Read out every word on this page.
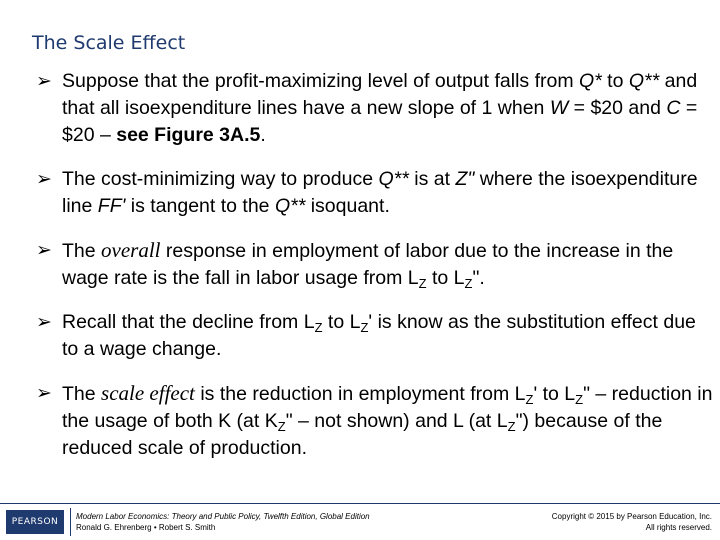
The Scale Effect
➢ Suppose that the profit-maximizing level of output falls from Q* to Q** and that all isoexpenditure lines have a new slope of 1 when W = $20 and C = $20 – see Figure 3A.5.
➢ The cost-minimizing way to produce Q** is at Z" where the isoexpenditure line FF' is tangent to the Q** isoquant.
➢ The overall response in employment of labor due to the increase in the wage rate is the fall in labor usage from $L_Z$ to $L_Z$".
➢ Recall that the decline from $L_Z$ to $L_Z'$ is know as the substitution effect due to a wage change.
➢ The scale effect is the reduction in employment from $L_Z'$ to $L_Z$" – reduction in the usage of both K (at $K_Z$" – not shown) and L (at $L_Z$") because of the reduced scale of production.
PEARSON
Modern Labor Economics: Theory and Public Policy, Twelfth Edition, Global Edition
Ronald G. Ehrenberg • Robert S. Smith
Copyright © 2015 by Pearson Education, Inc.
All rights reserved.
